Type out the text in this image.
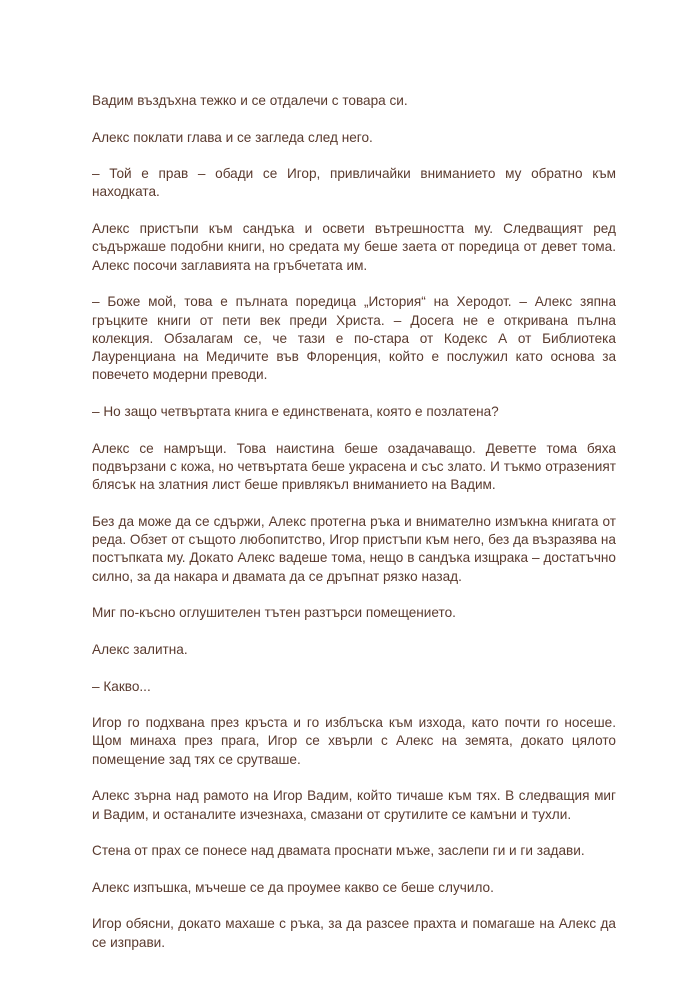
Вадим въздъхна тежко и се отдалечи с товара си.

Алекс поклати глава и се загледа след него.

– Той е прав – обади се Игор, привличайки вниманието му обратно към находката.

Алекс пристъпи към сандъка и освети вътрешността му. Следващият ред съдържаше подобни книги, но средата му беше заета от поредица от девет тома. Алекс посочи заглавията на гръбчетата им.

– Боже мой, това е пълната поредица „История“ на Херодот. – Алекс зяпна гръцките книги от пети век преди Христа. – Досега не е откривана пълна колекция. Обзалагам се, че тази е по-стара от Кодекс А от Библиотека Лауренциана на Медичите във Флоренция, който е послужил като основа за повечето модерни преводи.

– Но защо четвъртата книга е единствената, която е позлатена?

Алекс се намръщи. Това наистина беше озадачаващо. Деветте тома бяха подвързани с кожа, но четвъртата беше украсена и със злато. И тъкмо отразеният блясък на златния лист беше привлякъл вниманието на Вадим.

Без да може да се сдържи, Алекс протегна ръка и внимателно измъкна книгата от реда. Обзет от същото любопитство, Игор пристъпи към него, без да възразява на постъпката му. Докато Алекс вадеше тома, нещо в сандъка изщрака – достатъчно силно, за да накара и двамата да се дръпнат рязко назад.

Миг по-късно оглушителен тътен разтърси помещението.

Алекс залитна.

– Какво...

Игор го подхвана през кръста и го изблъска към изхода, като почти го носеше. Щом минаха през прага, Игор се хвърли с Алекс на земята, докато цялото помещение зад тях се срутваше.

Алекс зърна над рамото на Игор Вадим, който тичаше към тях. В следващия миг и Вадим, и останалите изчезнаха, смазани от срутилите се камъни и тухли.

Стена от прах се понесе над двамата проснати мъже, заслепи ги и ги задави.

Алекс изпъшка, мъчеше се да проумее какво се беше случило.

Игор обясни, докато махаше с ръка, за да разсее прахта и помагаше на Алекс да се изправи.
